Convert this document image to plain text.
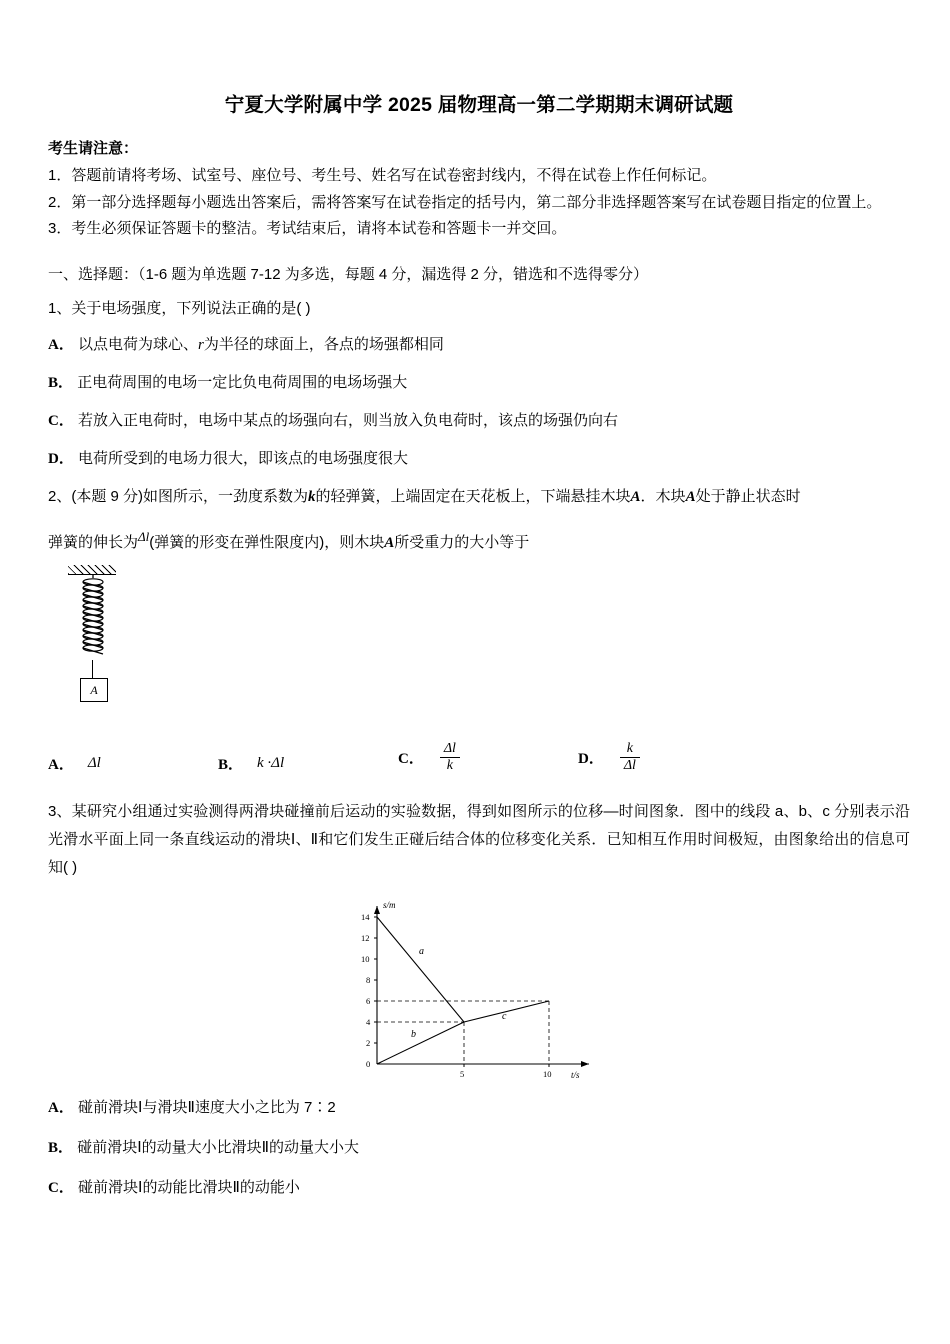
宁夏大学附属中学 2025 届物理高一第二学期期末调研试题
考生请注意：

1．答题前请将考场、试室号、座位号、考生号、姓名写在试卷密封线内，不得在试卷上作任何标记。

2．第一部分选择题每小题选出答案后，需将答案写在试卷指定的括号内，第二部分非选择题答案写在试卷题目指定的位置上。

3．考生必须保证答题卡的整洁。考试结束后，请将本试卷和答题卡一并交回。

一、选择题：（1-6 题为单选题 7-12 为多选，每题 4 分，漏选得 2 分，错选和不选得零分）

1、关于电场强度，下列说法正确的是( )

A． 以点电荷为球心、r为半径的球面上，各点的场强都相同

B． 正电荷周围的电场一定比负电荷周围的电场场强大

C． 若放入正电荷时，电场中某点的场强向右，则当放入负电荷时，该点的场强仍向右

D． 电荷所受到的电场力很大，即该点的电场强度很大

2、(本题 9 分)如图所示，一劲度系数为k的轻弹簧，上端固定在天花板上，下端悬挂木块A．木块A处于静止状态时

弹簧的伸长为Δl(弹簧的形变在弹性限度内)，则木块A所受重力的大小等于

A
A． Δl	B． k ·Δl	C． $\frac{\Delta l}{k}$	D． $\frac{k}{\Delta l}$

3、某研究小组通过实验测得两滑块碰撞前后运动的实验数据，得到如图所示的位移—时间图象．图中的线段 a、b、c 分别表示沿光滑水平面上同一条直线运动的滑块Ⅰ、Ⅱ和它们发生正碰后结合体的位移变化关系．已知相互作用时间极短，由图象给出的信息可知( )

s/m
t/s
0
2
4
6
8
10
12
14
5	10
a
b
c

A． 碰前滑块Ⅰ与滑块Ⅱ速度大小之比为 7∶2

B． 碰前滑块Ⅰ的动量大小比滑块Ⅱ的动量大小大

C． 碰前滑块Ⅰ的动能比滑块Ⅱ的动能小
